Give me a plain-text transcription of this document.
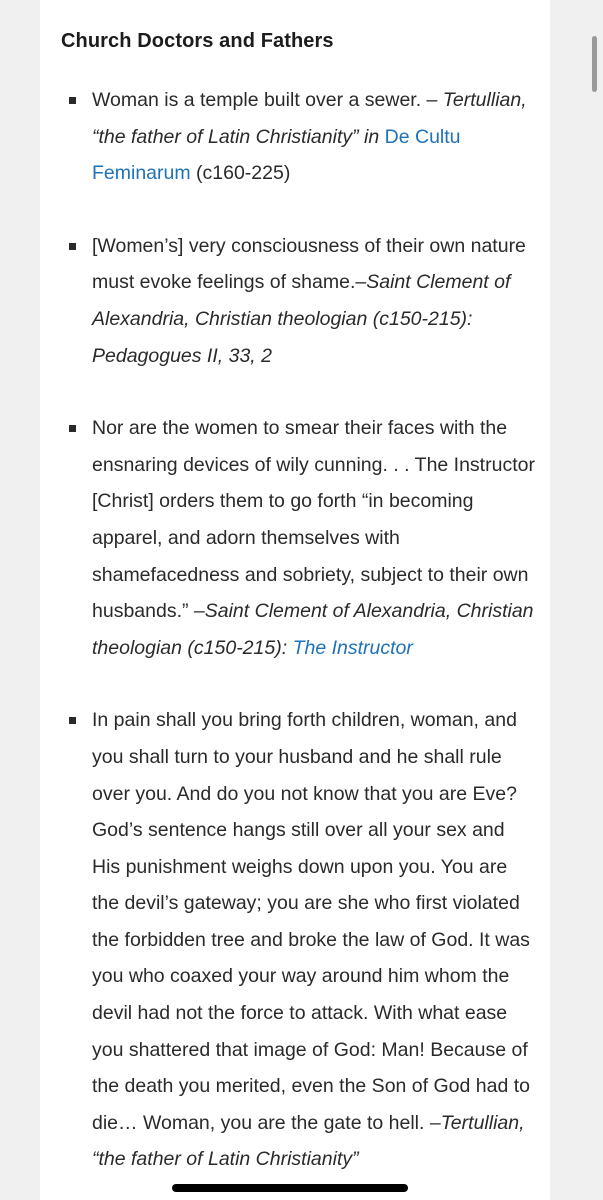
Church Doctors and Fathers
Woman is a temple built over a sewer. – Tertullian, “the father of Latin Christianity” in De Cultu Feminarum (c160-225)
[Women’s] very consciousness of their own nature must evoke feelings of shame.–Saint Clement of Alexandria, Christian theologian (c150-215): Pedagogues II, 33, 2
Nor are the women to smear their faces with the ensnaring devices of wily cunning. . . The Instructor [Christ] orders them to go forth “in becoming apparel, and adorn themselves with shamefacedness and sobriety, subject to their own husbands.” –Saint Clement of Alexandria, Christian theologian (c150-215): The Instructor
In pain shall you bring forth children, woman, and you shall turn to your husband and he shall rule over you. And do you not know that you are Eve? God’s sentence hangs still over all your sex and His punishment weighs down upon you. You are the devil’s gateway; you are she who first violated the forbidden tree and broke the law of God. It was you who coaxed your way around him whom the devil had not the force to attack. With what ease you shattered that image of God: Man! Because of the death you merited, even the Son of God had to die… Woman, you are the gate to hell. –Tertullian, “the father of Latin Christianity”
